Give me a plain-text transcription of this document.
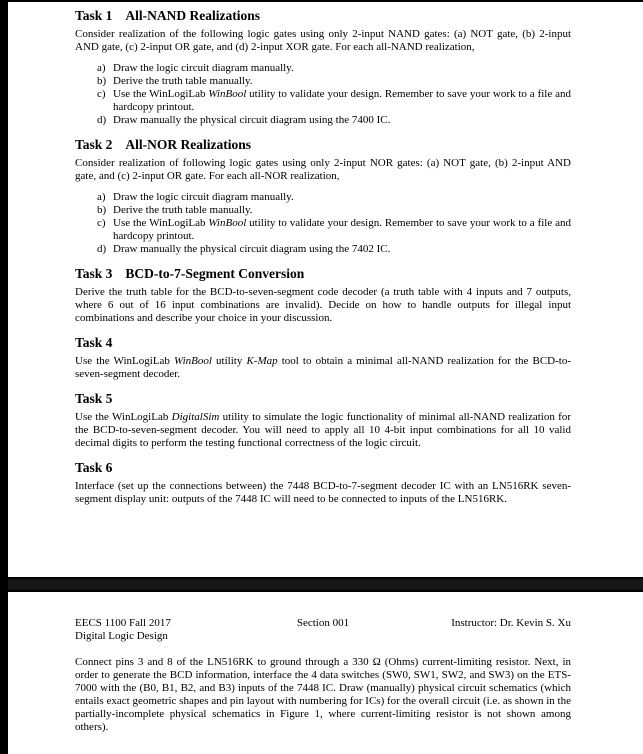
Task 1 All-NAND Realizations

Consider realization of the following logic gates using only 2-input NAND gates: (a) NOT gate, (b) 2-input AND gate, (c) 2-input OR gate, and (d) 2-input XOR gate. For each all-NAND realization,

a) Draw the logic circuit diagram manually.
b) Derive the truth table manually.
c) Use the WinLogiLab WinBool utility to validate your design. Remember to save your work to a file and hardcopy printout.
d) Draw manually the physical circuit diagram using the 7400 IC.
Task 2 All-NOR Realizations

Consider realization of following logic gates using only 2-input NOR gates: (a) NOT gate, (b) 2-input AND gate, and (c) 2-input OR gate. For each all-NOR realization,

a) Draw the logic circuit diagram manually.
b) Derive the truth table manually.
c) Use the WinLogiLab WinBool utility to validate your design. Remember to save your work to a file and hardcopy printout.
d) Draw manually the physical circuit diagram using the 7402 IC.
Task 3 BCD-to-7-Segment Conversion

Derive the truth table for the BCD-to-seven-segment code decoder (a truth table with 4 inputs and 7 outputs, where 6 out of 16 input combinations are invalid). Decide on how to handle outputs for illegal input combinations and describe your choice in your discussion.

Task 4

Use the WinLogiLab WinBool utility K-Map tool to obtain a minimal all-NAND realization for the BCD-to-seven-segment decoder.

Task 5

Use the WinLogiLab DigitalSim utility to simulate the logic functionality of minimal all-NAND realization for the BCD-to-seven-segment decoder. You will need to apply all 10 4-bit input combinations for all 10 valid decimal digits to perform the testing functional correctness of the logic circuit.

Task 6

Interface (set up the connections between) the 7448 BCD-to-7-segment decoder IC with an LN516RK seven-segment display unit: outputs of the 7448 IC will need to be connected to inputs of the LN516RK.

EECS 1100 Fall 2017	Section 001	Instructor: Dr. Kevin S. Xu
Digital Logic Design

Connect pins 3 and 8 of the LN516RK to ground through a 330 Ω (Ohms) current-limiting resistor. Next, in order to generate the BCD information, interface the 4 data switches (SW0, SW1, SW2, and SW3) on the ETS-7000 with the (B0, B1, B2, and B3) inputs of the 7448 IC. Draw (manually) physical circuit schematics (which entails exact geometric shapes and pin layout with numbering for ICs) for the overall circuit (i.e. as shown in the partially-incomplete physical schematics in Figure 1, where current-limiting resistor is not shown among others).
